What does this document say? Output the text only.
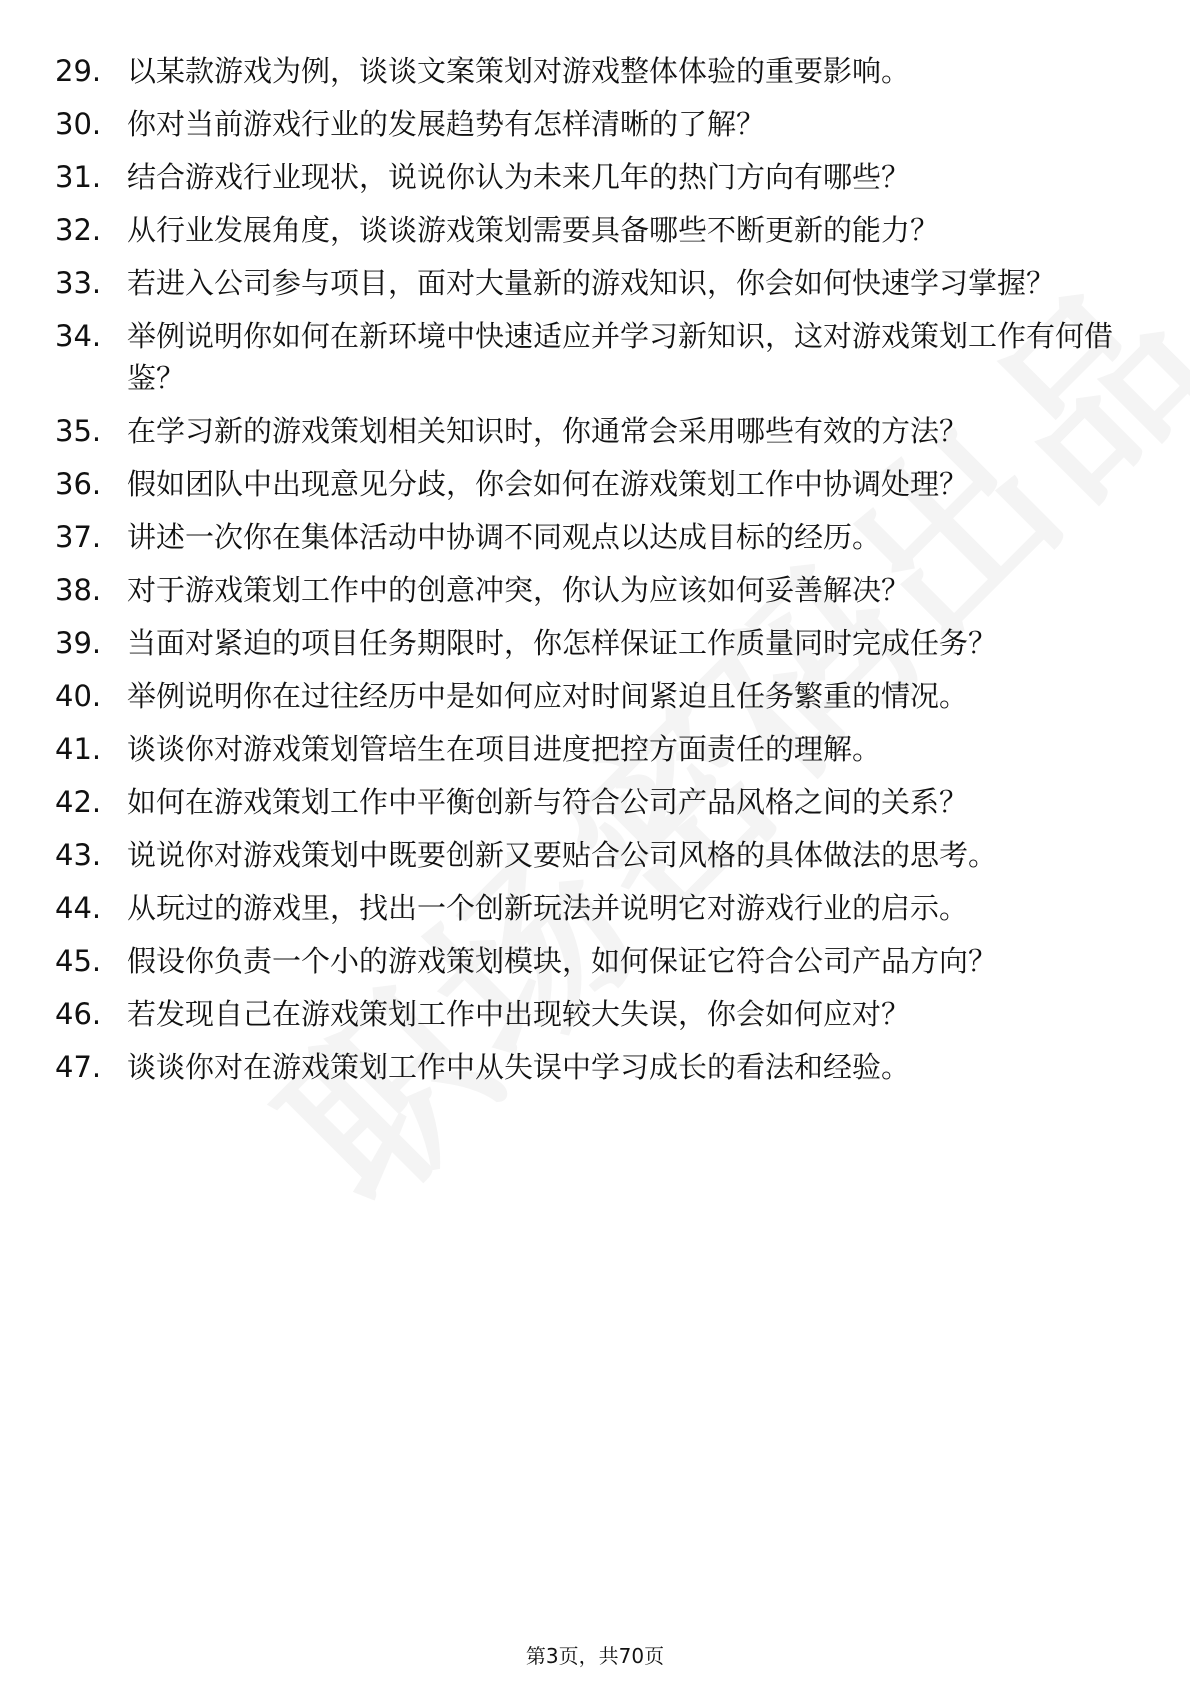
29. 以某款游戏为例，谈谈文案策划对游戏整体体验的重要影响。
30. 你对当前游戏行业的发展趋势有怎样清晰的了解？
31. 结合游戏行业现状，说说你认为未来几年的热门方向有哪些？
32. 从行业发展角度，谈谈游戏策划需要具备哪些不断更新的能力？
33. 若进入公司参与项目，面对大量新的游戏知识，你会如何快速学习掌握？
34. 举例说明你如何在新环境中快速适应并学习新知识，这对游戏策划工作有何借鉴？
35. 在学习新的游戏策划相关知识时，你通常会采用哪些有效的方法？
36. 假如团队中出现意见分歧，你会如何在游戏策划工作中协调处理？
37. 讲述一次你在集体活动中协调不同观点以达成目标的经历。
38. 对于游戏策划工作中的创意冲突，你认为应该如何妥善解决？
39. 当面对紧迫的项目任务期限时，你怎样保证工作质量同时完成任务？
40. 举例说明你在过往经历中是如何应对时间紧迫且任务繁重的情况。
41. 谈谈你对游戏策划管培生在项目进度把控方面责任的理解。
42. 如何在游戏策划工作中平衡创新与符合公司产品风格之间的关系？
43. 说说你对游戏策划中既要创新又要贴合公司风格的具体做法的思考。
44. 从玩过的游戏里，找出一个创新玩法并说明它对游戏行业的启示。
45. 假设你负责一个小的游戏策划模块，如何保证它符合公司产品方向？
46. 若发现自己在游戏策划工作中出现较大失误，你会如何应对？
47. 谈谈你对在游戏策划工作中从失误中学习成长的看法和经验。
第3页，共70页
